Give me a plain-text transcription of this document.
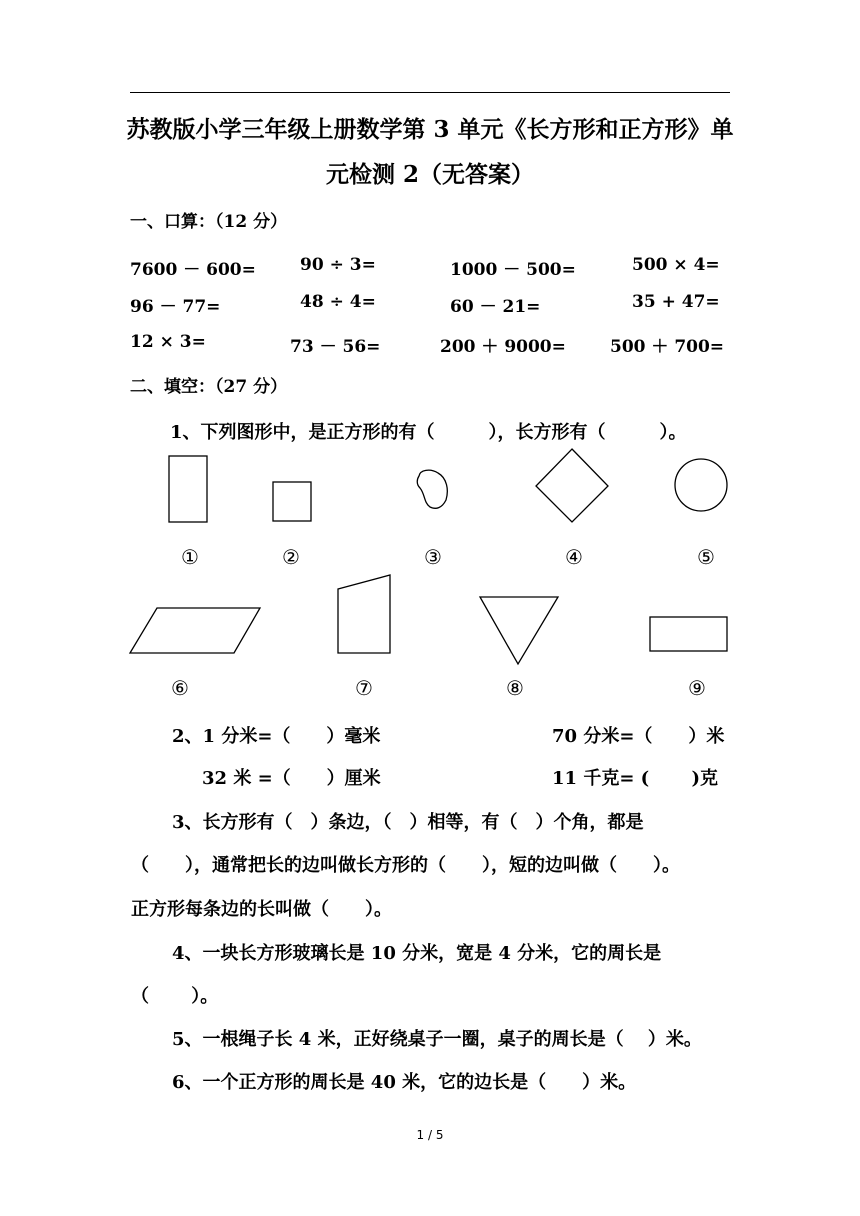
苏教版小学三年级上册数学第 3 单元《长方形和正方形》单
元检测 2（无答案）
一、口算：（12 分）
7600 － 600=	90 ÷ 3=	1000 － 500=	500 × 4=
96 － 77=	48 ÷ 4=	60 － 21=	35 + 47=
12 × 3=	73 － 56=	200 ＋ 9000=	500 ＋ 700=
二、填空：（27 分）
1、下列图形中，是正方形的有（　　　），长方形有（　　　）。
①	②	③	④	⑤
⑥	⑦	⑧	⑨
2、1 分米=（　　）毫米	70 分米=（　　）米
32 米 =（　　）厘米	11 千克= (　　 )克
3、长方形有（　）条边，（　）相等，有（　）个角，都是
（　　），通常把长的边叫做长方形的（　　），短的边叫做（　　）。
正方形每条边的长叫做（　　）。
4、一块长方形玻璃长是 10 分米，宽是 4 分米，它的周长是
（　　 ）。
5、一根绳子长 4 米，正好绕桌子一圈，桌子的周长是（　 ）米。
6、一个正方形的周长是 40 米，它的边长是（　　）米。
1 / 5
